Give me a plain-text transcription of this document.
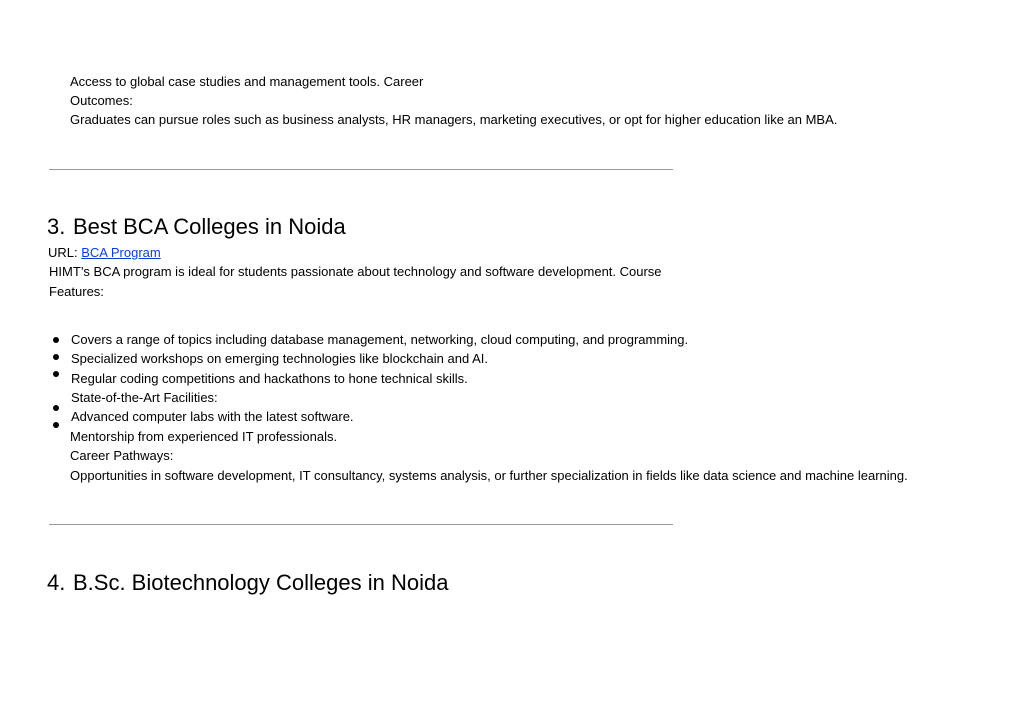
Access to global case studies and management tools. Career
Outcomes:
Graduates can pursue roles such as business analysts, HR managers, marketing executives, or opt for higher education like an MBA.
3. Best BCA Colleges in Noida
URL: BCA Program
HIMT’s BCA program is ideal for students passionate about technology and software development. Course
Features:
Covers a range of topics including database management, networking, cloud computing, and programming.
Specialized workshops on emerging technologies like blockchain and AI.
Regular coding competitions and hackathons to hone technical skills.
State-of-the-Art Facilities:
Advanced computer labs with the latest software.
Mentorship from experienced IT professionals.
Career Pathways:
Opportunities in software development, IT consultancy, systems analysis, or further specialization in fields like data science and machine learning.
4. B.Sc. Biotechnology Colleges in Noida
